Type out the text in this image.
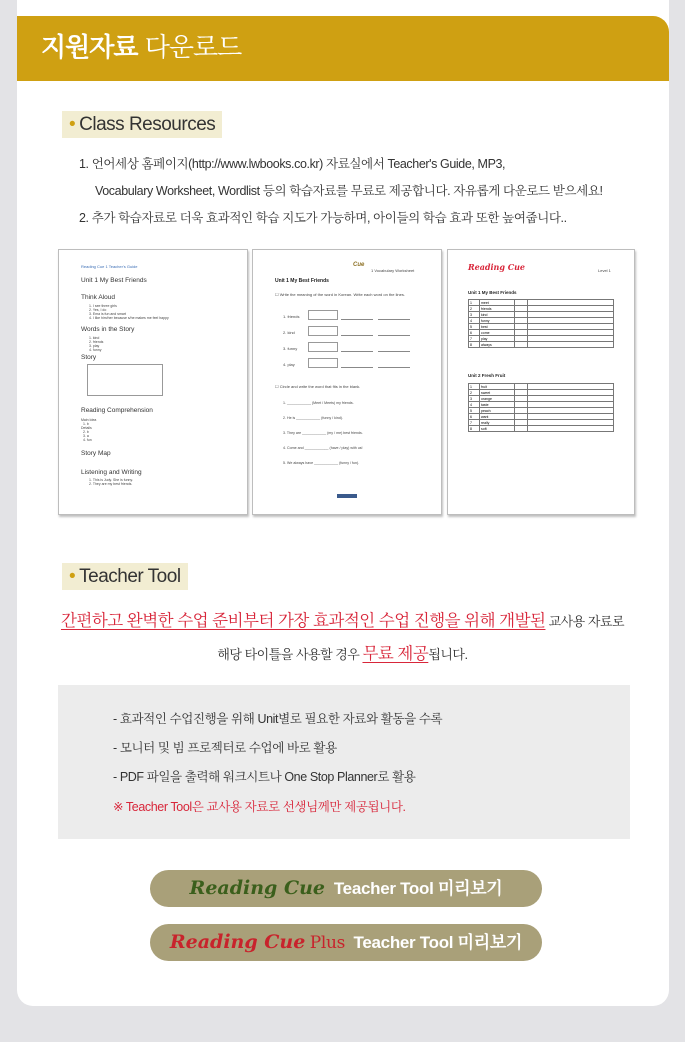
지원자료 다운로드
• Class Resources
1. 언어세상 홈페이지(http://www.lwbooks.co.kr) 자료실에서 Teacher's Guide, MP3,
Vocabulary Worksheet, Wordlist 등의 학습자료를 무료로 제공합니다. 자유롭게 다운로드 받으세요!
2. 추가 학습자료로 더욱 효과적인 학습 지도가 가능하며, 아이들의 학습 효과 또한 높여줍니다..
Reading Cue 1 Teacher's Guide
Unit 1 My Best Friends
Think Aloud
1. I see three girls
2. Yes, I do
3. Ema is fun and smart
4. I like him/her because s/he makes me feel happy
Words in the Story
1. kind
2. friends
3. play
4. funny
Story
Reading Comprehension
Main Idea
1. b
Details
2. b
3. a
4. fun
Story Map
Listening and Writing
1. This is Judy. She is funny.
2. They are my best friends.
Cue
1 Vocabulary Worksheet
Unit 1 My Best Friends
☐ Write the meaning of the word in Korean. Write each word on the lines.
1. friends
2. kind
3. funny
4. play
☐ Circle and write the word that fits in the blank.
1. ____________ (Meet / Meets) my friends.
2. He is ____________ (funny / kind).
3. They are ____________ (my / me) best friends.
4. Come and ____________ (have / play) with us!
5. We always have ____________ (funny / fun).
Reading Cue	Level 1
Unit 1 My Best Friends
1	meet		
2	friends		
3	kind		
4	funny		
5	best		
6	come		
7	play		
8	always		
Unit 2 Fresh Fruit
1	fruit		
2	sweet		
3	orange		
4	taste		
5	peach		
6	want		
7	really		
8	soft		
• Teacher Tool
간편하고 완벽한 수업 준비부터 가장 효과적인 수업 진행을 위해 개발된 교사용 자료로
해당 타이틀을 사용할 경우 무료 제공됩니다.
- 효과적인 수업진행을 위해 Unit별로 필요한 자료와 활동을 수록
- 모니터 및 빔 프로젝터로 수업에 바로 활용
- PDF 파일을 출력해 워크시트나 One Stop Planner로 활용
※ Teacher Tool은 교사용 자료로 선생님께만 제공됩니다.
Reading Cue Teacher Tool 미리보기
Reading Cue Plus Teacher Tool 미리보기
